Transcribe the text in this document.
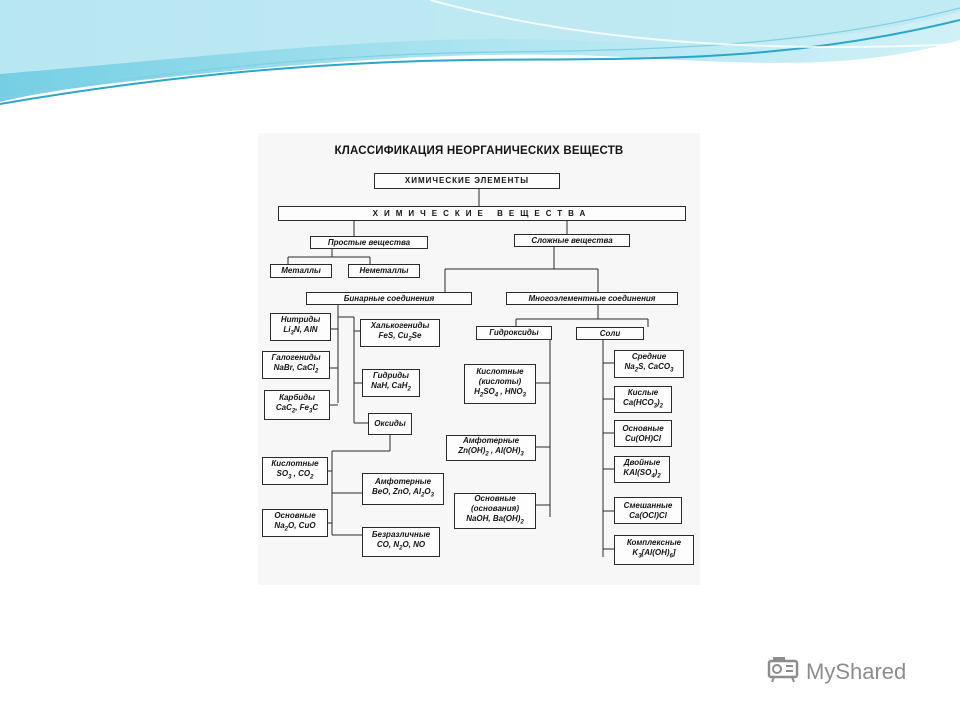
КЛАССИФИКАЦИЯ НЕОРГАНИЧЕСКИХ ВЕЩЕСТВ
ХИМИЧЕСКИЕ ЭЛЕМЕНТЫ
ХИМИЧЕСКИЕ ВЕЩЕСТВА
Простые вещества	Сложные вещества
Металлы	Неметаллы
Бинарные соединения	Многоэлементные соединения
Нитриды
$Li_3N$, AlN
Галогениды
NaBr, CaCl$_2$
Карбиды
CaC$_2$, $Fe_3C$
Халькогениды
FeS, $Cu_2Se$
Гидриды
NaH, CaH$_2$
Оксиды
Кислотные
$SO_3$ , $CO_2$
Основные
$Na_2O$, CuO
Амфотерные
BeO, ZnO, $Al_2O_3$
Безразличные
CO, $N_2O$, NO
Гидроксиды
Кислотные
(кислоты)
$H_2SO_4$ , $HNO_3$
Амфотерные
$Zn(OH)_2$ , $Al(OH)_3$
Основные
(основания)
NaOH, $Ba(OH)_2$
Соли
Средние
$Na_2S$, CaCO$_3$
Кислые
$Ca(HCO_3)_2$
Основные
Cu(OH)Cl
Двойные
$KAl(SO_4)_2$
Смешанные
Ca(OCl)Cl
Комплексные
$K_3[Al(OH)_6]$
MyShared
